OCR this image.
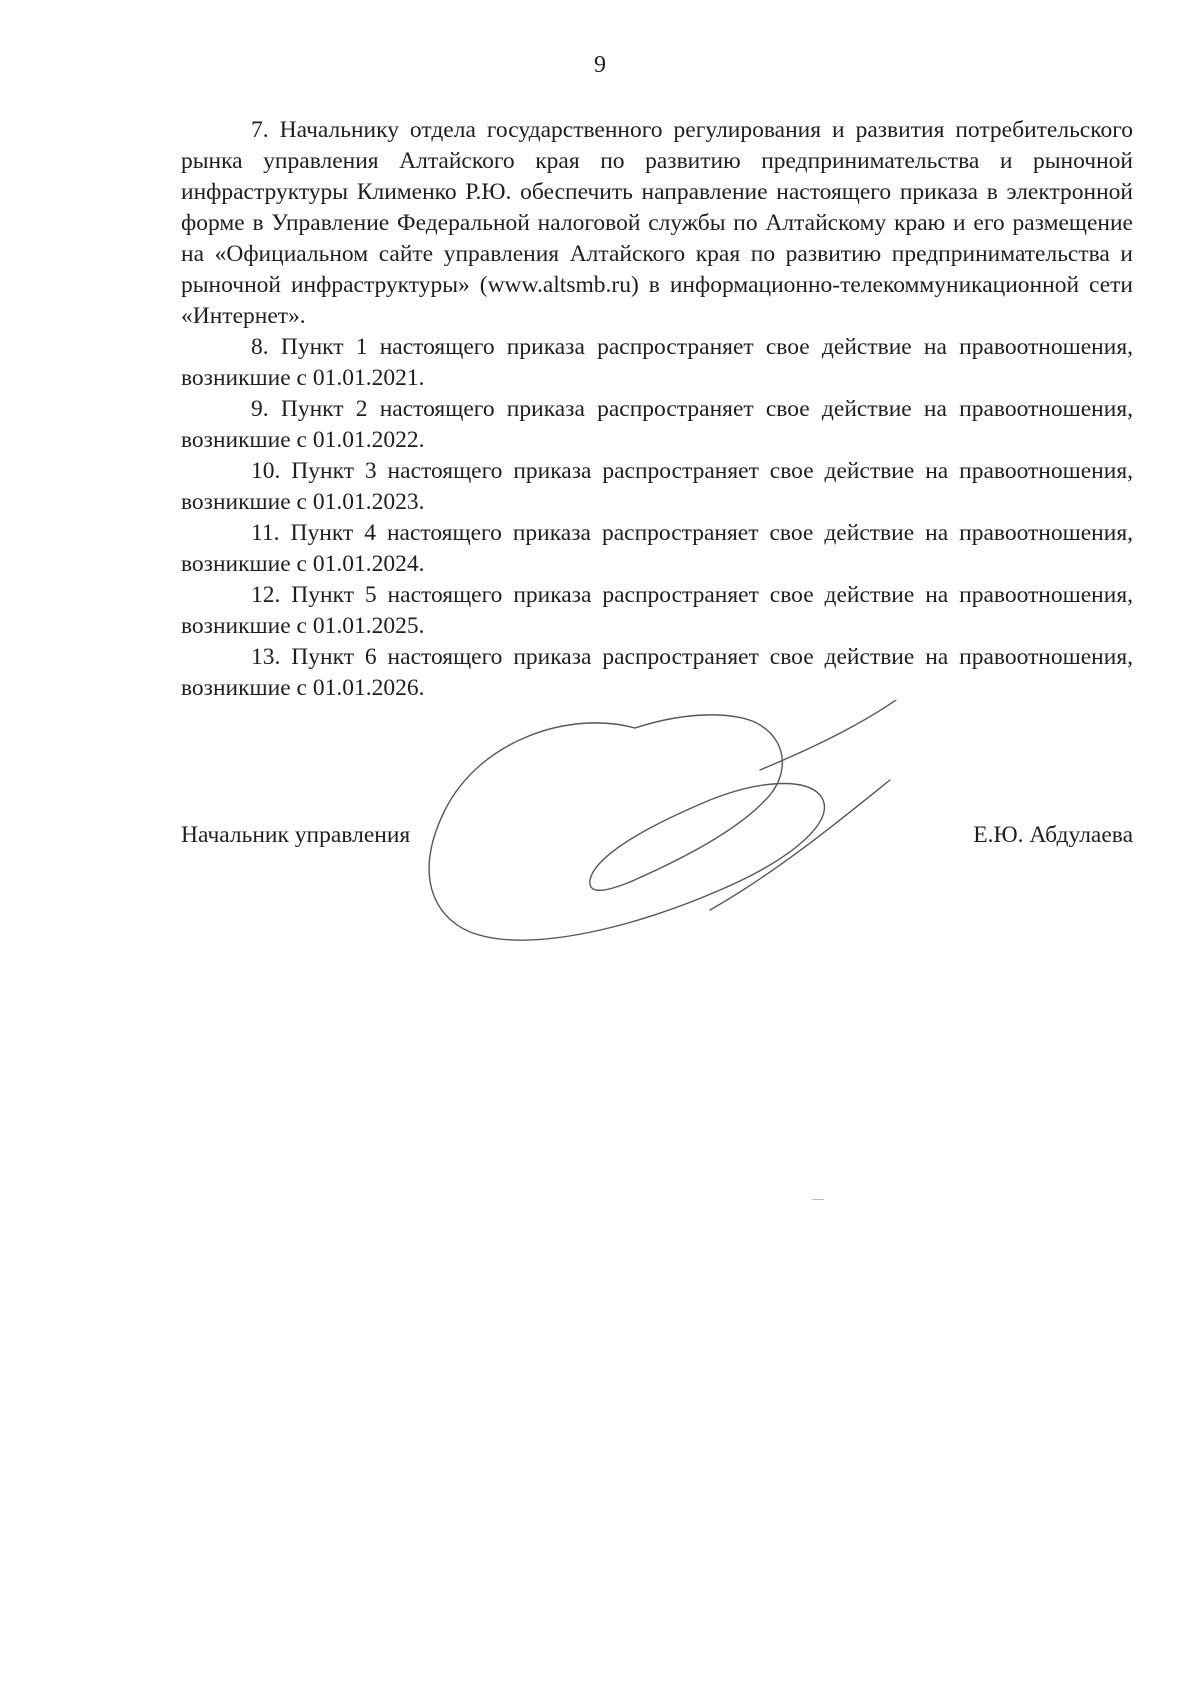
9

7. Начальнику отдела государственного регулирования и развития потребительского рынка управления Алтайского края по развитию предпринимательства и рыночной инфраструктуры Клименко Р.Ю. обеспечить направление настоящего приказа в электронной форме в Управление Федеральной налоговой службы по Алтайскому краю и его размещение на «Официальном сайте управления Алтайского края по развитию предпринимательства и рыночной инфраструктуры» (www.altsmb.ru) в информационно-телекоммуникационной сети «Интернет».

8. Пункт 1 настоящего приказа распространяет свое действие на правоотношения, возникшие с 01.01.2021.

9. Пункт 2 настоящего приказа распространяет свое действие на правоотношения, возникшие с 01.01.2022.

10. Пункт 3 настоящего приказа распространяет свое действие на правоотношения, возникшие с 01.01.2023.

11. Пункт 4 настоящего приказа распространяет свое действие на правоотношения, возникшие с 01.01.2024.

12. Пункт 5 настоящего приказа распространяет свое действие на правоотношения, возникшие с 01.01.2025.

13. Пункт 6 настоящего приказа распространяет свое действие на правоотношения, возникшие с 01.01.2026.

Начальник управления	Е.Ю. Абдулаева
